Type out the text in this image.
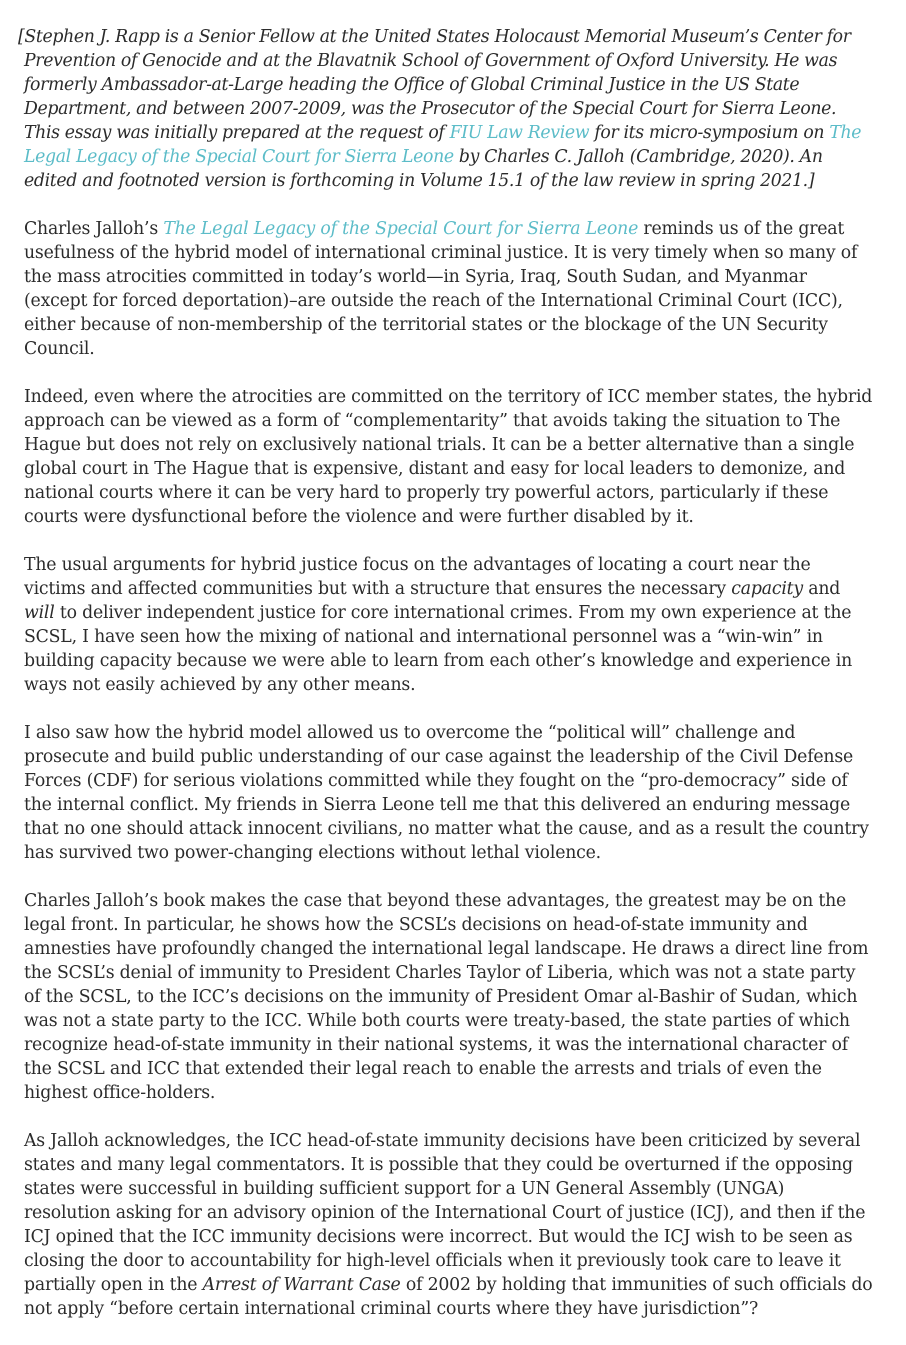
[Stephen J. Rapp is a Senior Fellow at the United States Holocaust Memorial Museum’s Center for Prevention of Genocide and at the Blavatnik School of Government of Oxford University. He was formerly Ambassador-at-Large heading the Office of Global Criminal Justice in the US State Department, and between 2007-2009, was the Prosecutor of the Special Court for Sierra Leone. This essay was initially prepared at the request of FIU Law Review for its micro-symposium on The Legal Legacy of the Special Court for Sierra Leone by Charles C. Jalloh (Cambridge, 2020). An edited and footnoted version is forthcoming in Volume 15.1 of the law review in spring 2021.]

Charles Jalloh’s The Legal Legacy of the Special Court for Sierra Leone reminds us of the great usefulness of the hybrid model of international criminal justice. It is very timely when so many of the mass atrocities committed in today’s world—in Syria, Iraq, South Sudan, and Myanmar (except for forced deportation)–are outside the reach of the International Criminal Court (ICC), either because of non-membership of the territorial states or the blockage of the UN Security Council.

Indeed, even where the atrocities are committed on the territory of ICC member states, the hybrid approach can be viewed as a form of “complementarity” that avoids taking the situation to The Hague but does not rely on exclusively national trials. It can be a better alternative than a single global court in The Hague that is expensive, distant and easy for local leaders to demonize, and national courts where it can be very hard to properly try powerful actors, particularly if these courts were dysfunctional before the violence and were further disabled by it.

The usual arguments for hybrid justice focus on the advantages of locating a court near the victims and affected communities but with a structure that ensures the necessary capacity and will to deliver independent justice for core international crimes. From my own experience at the SCSL, I have seen how the mixing of national and international personnel was a “win-win” in building capacity because we were able to learn from each other’s knowledge and experience in ways not easily achieved by any other means.

I also saw how the hybrid model allowed us to overcome the “political will” challenge and prosecute and build public understanding of our case against the leadership of the Civil Defense Forces (CDF) for serious violations committed while they fought on the “pro-democracy” side of the internal conflict. My friends in Sierra Leone tell me that this delivered an enduring message that no one should attack innocent civilians, no matter what the cause, and as a result the country has survived two power-changing elections without lethal violence.

Charles Jalloh’s book makes the case that beyond these advantages, the greatest may be on the legal front. In particular, he shows how the SCSL’s decisions on head-of-state immunity and amnesties have profoundly changed the international legal landscape. He draws a direct line from the SCSL’s denial of immunity to President Charles Taylor of Liberia, which was not a state party of the SCSL, to the ICC’s decisions on the immunity of President Omar al-Bashir of Sudan, which was not a state party to the ICC. While both courts were treaty-based, the state parties of which recognize head-of-state immunity in their national systems, it was the international character of the SCSL and ICC that extended their legal reach to enable the arrests and trials of even the highest office-holders.

As Jalloh acknowledges, the ICC head-of-state immunity decisions have been criticized by several states and many legal commentators. It is possible that they could be overturned if the opposing states were successful in building sufficient support for a UN General Assembly (UNGA) resolution asking for an advisory opinion of the International Court of justice (ICJ), and then if the ICJ opined that the ICC immunity decisions were incorrect. But would the ICJ wish to be seen as closing the door to accountability for high-level officials when it previously took care to leave it partially open in the Arrest of Warrant Case of 2002 by holding that immunities of such officials do not apply “before certain international criminal courts where they have jurisdiction”?
